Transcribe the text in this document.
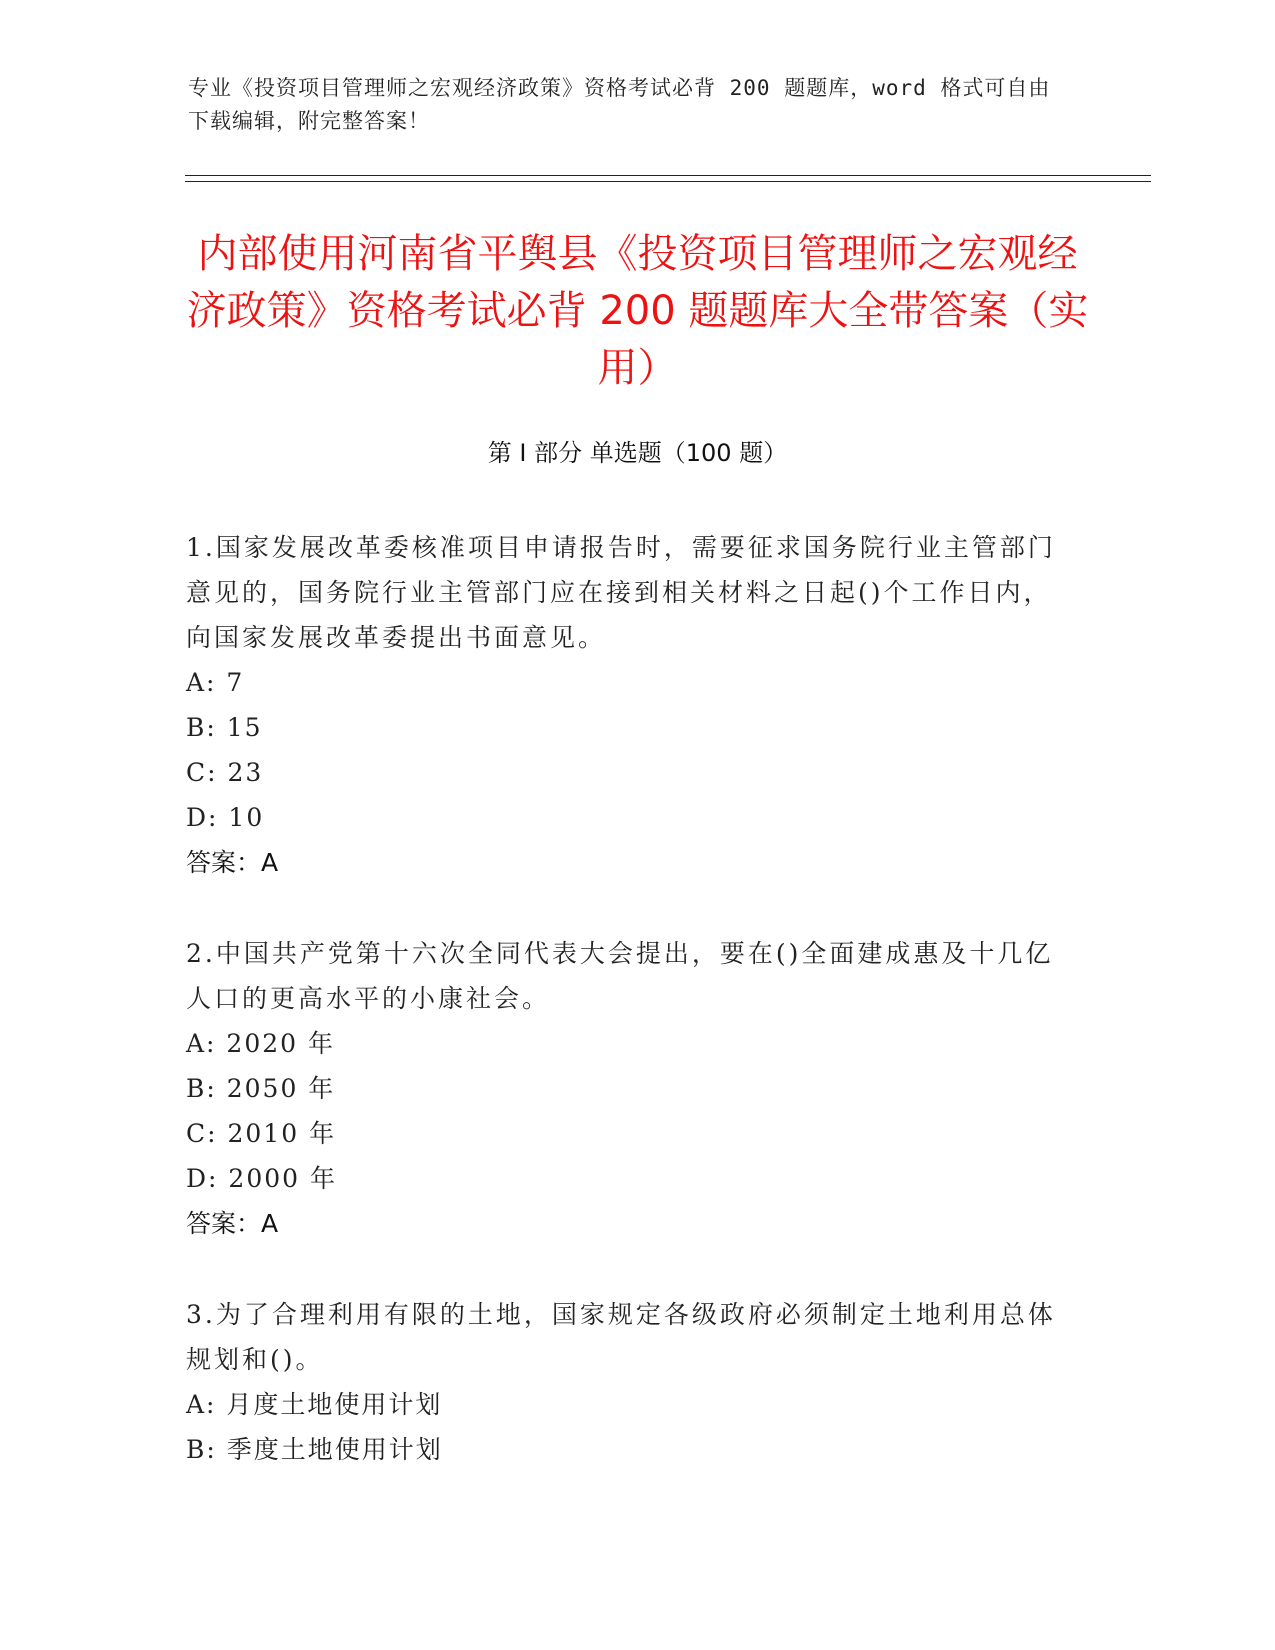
专业《投资项目管理师之宏观经济政策》资格考试必背 200 题题库，word 格式可自由下载编辑，附完整答案！
内部使用河南省平舆县《投资项目管理师之宏观经济政策》资格考试必背 200 题题库大全带答案（实用）
第 I 部分 单选题（100 题）

1.国家发展改革委核准项目申请报告时，需要征求国务院行业主管部门意见的，国务院行业主管部门应在接到相关材料之日起()个工作日内，向国家发展改革委提出书面意见。

A: 7

B: 15

C: 23

D: 10

答案：A

2.中国共产党第十六次全同代表大会提出，要在()全面建成惠及十几亿人口的更高水平的小康社会。

A: 2020 年

B: 2050 年

C: 2010 年

D: 2000 年

答案：A

3.为了合理利用有限的土地，国家规定各级政府必须制定土地利用总体规划和()。

A: 月度土地使用计划

B: 季度土地使用计划
